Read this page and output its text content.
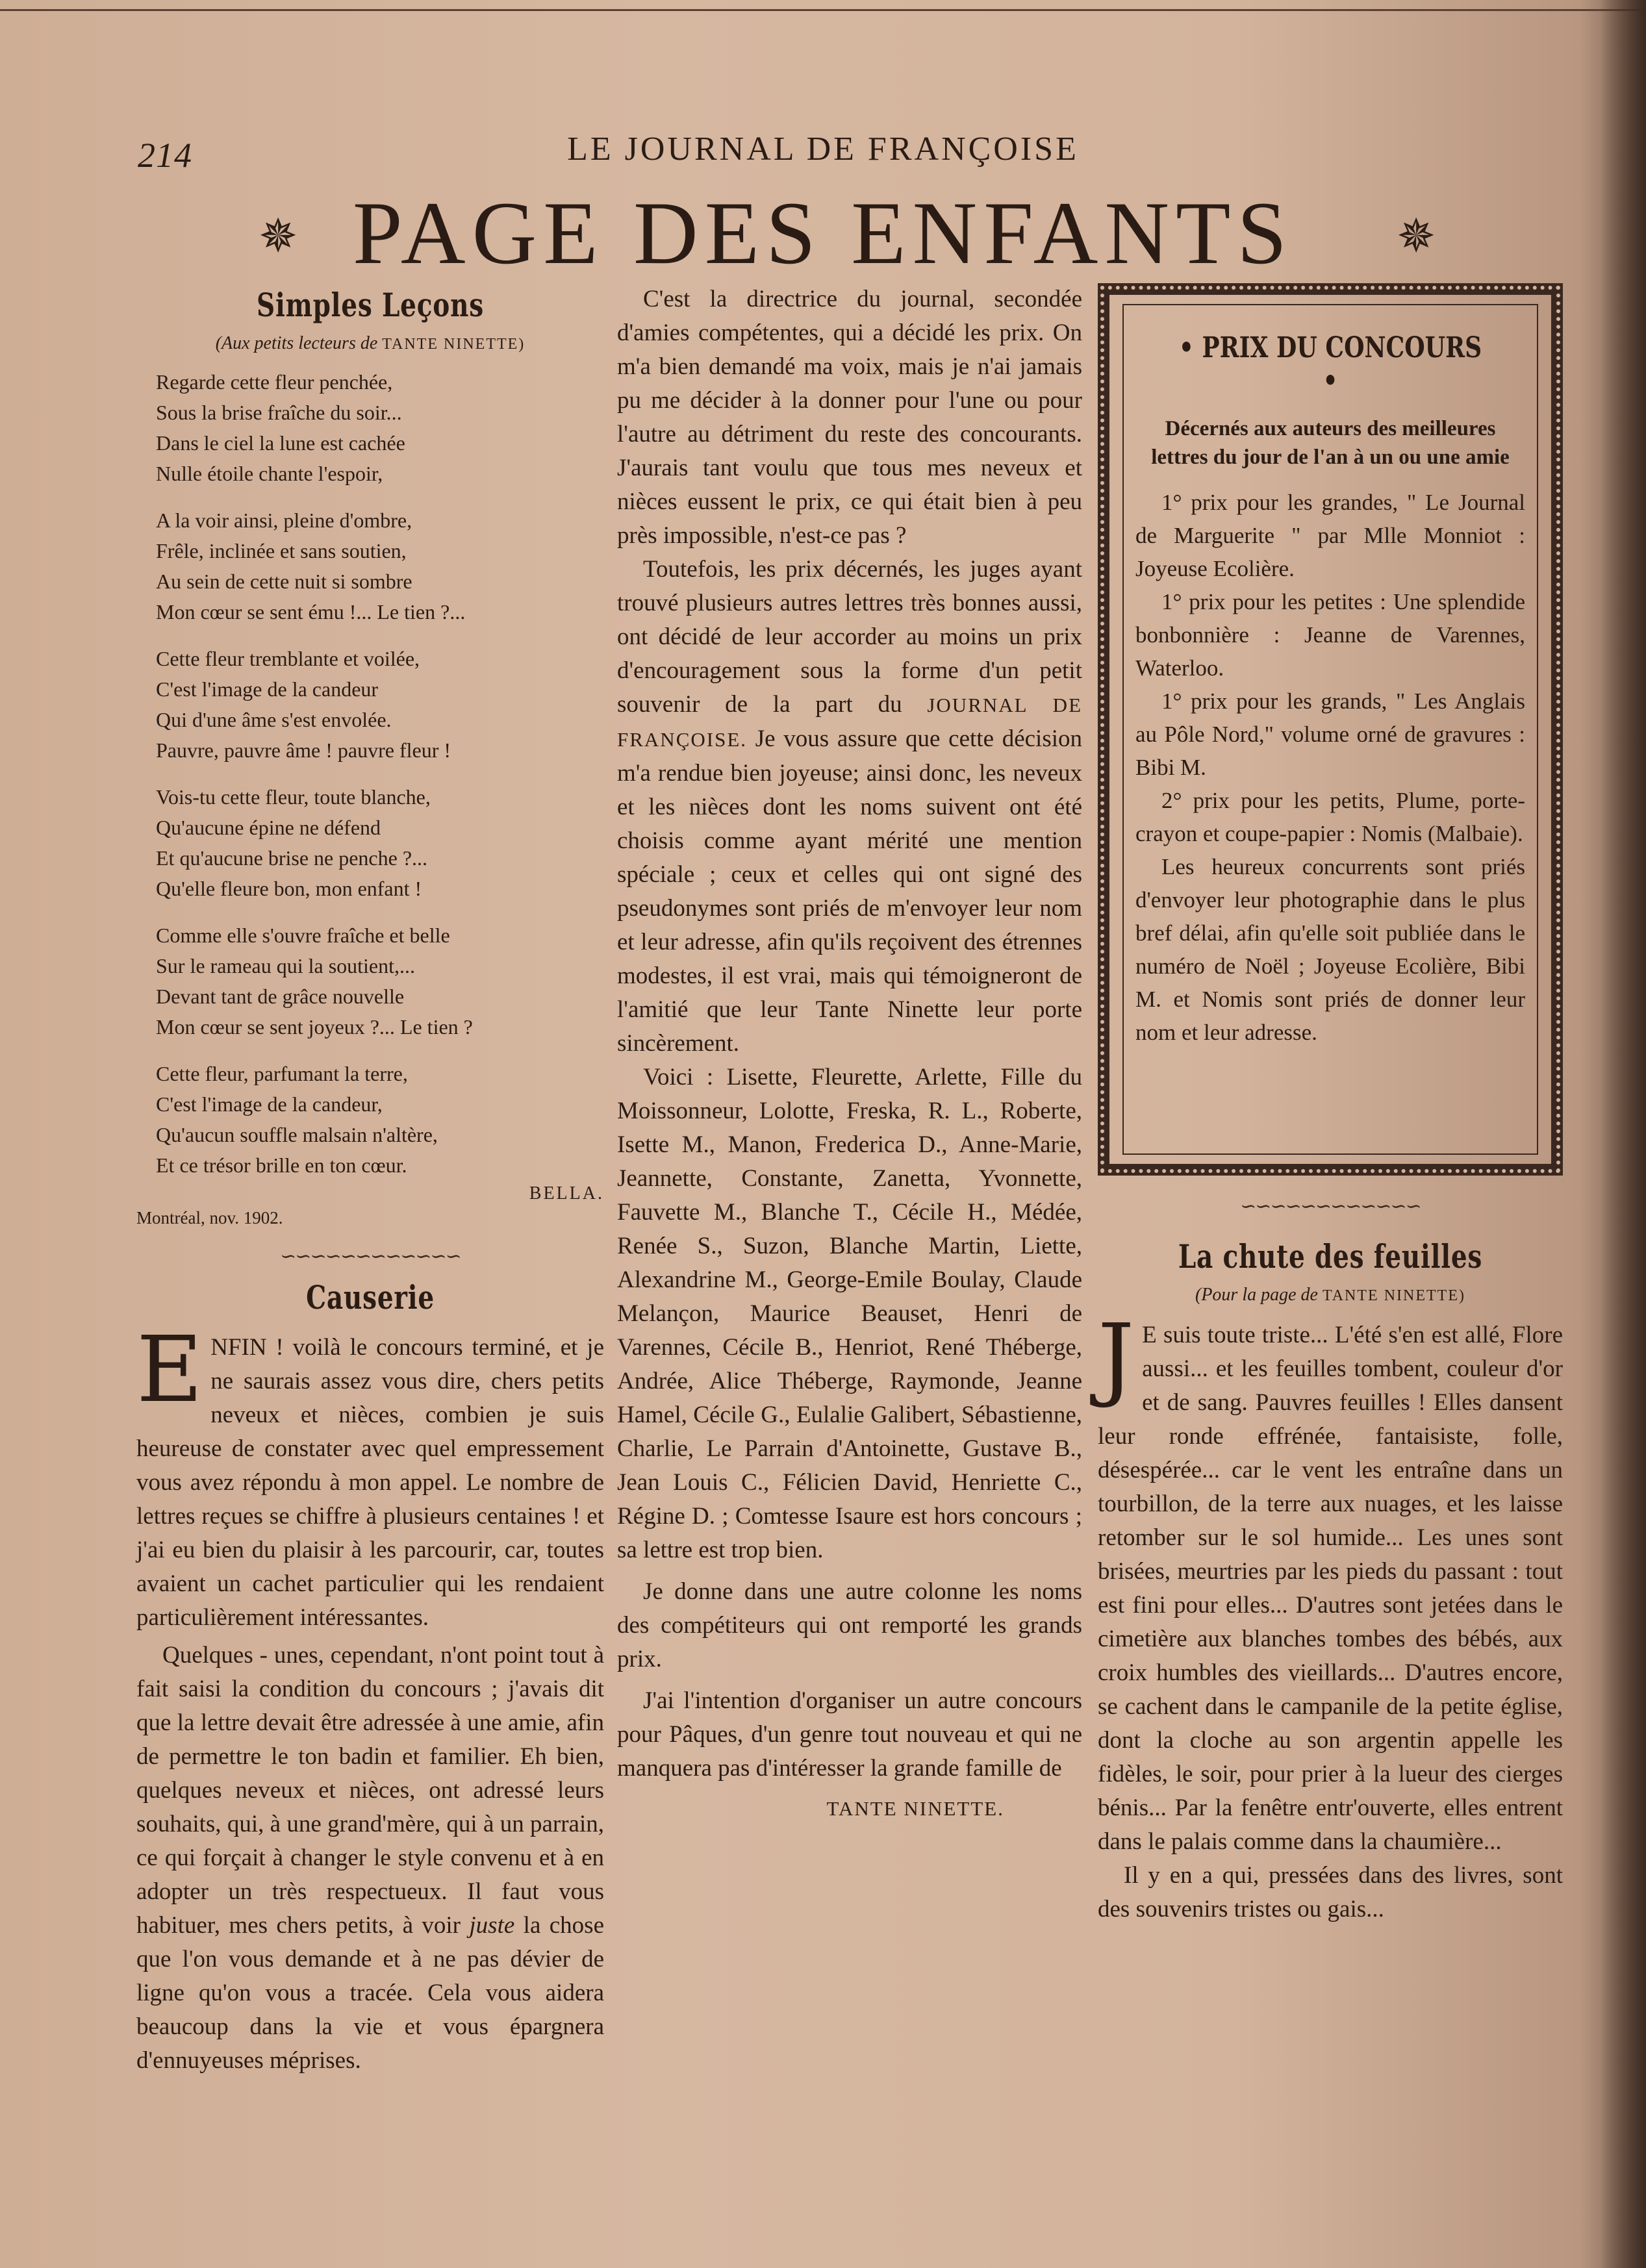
214	LE JOURNAL DE FRANÇOISE
✵ PAGE DES ENFANTS	✵
Simples Leçons
(Aux petits lecteurs de TANTE NINETTE)
Regarde cette fleur penchée,
Sous la brise fraîche du soir...
Dans le ciel la lune est cachée
Nulle étoile chante l'espoir,
A la voir ainsi, pleine d'ombre,
Frêle, inclinée et sans soutien,
Au sein de cette nuit si sombre
Mon cœur se sent ému !... Le tien ?...
Cette fleur tremblante et voilée,
C'est l'image de la candeur
Qui d'une âme s'est envolée.
Pauvre, pauvre âme ! pauvre fleur !
Vois-tu cette fleur, toute blanche,
Qu'aucune épine ne défend
Et qu'aucune brise ne penche ?...
Qu'elle fleure bon, mon enfant !
Comme elle s'ouvre fraîche et belle
Sur le rameau qui la soutient,...
Devant tant de grâce nouvelle
Mon cœur se sent joyeux ?... Le tien ?
Cette fleur, parfumant la terre,
C'est l'image de la candeur,
Qu'aucun souffle malsain n'altère,
Et ce trésor brille en ton cœur.
BELLA.
Montréal, nov. 1902.
∽∽∽∽∽∽∽∽∽∽∽∽
Causerie

ENFIN ! voilà le concours terminé, et je ne saurais assez vous dire, chers petits neveux et nièces, combien je suis heureuse de constater avec quel empressement vous avez répondu à mon appel. Le nombre de lettres reçues se chiffre à plusieurs centaines ! et j'ai eu bien du plaisir à les parcourir, car, toutes avaient un cachet particulier qui les rendaient particulièrement intéressantes.

Quelques - unes, cependant, n'ont point tout à fait saisi la condition du concours ; j'avais dit que la lettre devait être adressée à une amie, afin de permettre le ton badin et familier. Eh bien, quelques neveux et nièces, ont adressé leurs souhaits, qui, à une grand'mère, qui à un parrain, ce qui forçait à changer le style convenu et à en adopter un très respectueux. Il faut vous habituer, mes chers petits, à voir juste la chose que l'on vous demande et à ne pas dévier de ligne qu'on vous a tracée. Cela vous aidera beaucoup dans la vie et vous épargnera d'ennuyeuses méprises.

C'est la directrice du journal, secondée d'amies compétentes, qui a décidé les prix. On m'a bien demandé ma voix, mais je n'ai jamais pu me décider à la donner pour l'une ou pour l'autre au détriment du reste des concourants. J'aurais tant voulu que tous mes neveux et nièces eussent le prix, ce qui était bien à peu près impossible, n'est-ce pas ?

Toutefois, les prix décernés, les juges ayant trouvé plusieurs autres lettres très bonnes aussi, ont décidé de leur accorder au moins un prix d'encouragement sous la forme d'un petit souvenir de la part du JOURNAL DE FRANÇOISE. Je vous assure que cette décision m'a rendue bien joyeuse; ainsi donc, les neveux et les nièces dont les noms suivent ont été choisis comme ayant mérité une mention spéciale ; ceux et celles qui ont signé des pseudonymes sont priés de m'envoyer leur nom et leur adresse, afin qu'ils reçoivent des étrennes modestes, il est vrai, mais qui témoigneront de l'amitié que leur Tante Ninette leur porte sincèrement.

Voici : Lisette, Fleurette, Arlette, Fille du Moissonneur, Lolotte, Freska, R. L., Roberte, Isette M., Manon, Frederica D., Anne-Marie, Jeannette, Constante, Zanetta, Yvonnette, Fauvette M., Blanche T., Cécile H., Médée, Renée S., Suzon, Blanche Martin, Liette, Alexandrine M., George-Emile Boulay, Claude Melançon, Maurice Beauset, Henri de Varennes, Cécile B., Henriot, René Théberge, Andrée, Alice Théberge, Raymonde, Jeanne Hamel, Cécile G., Eulalie Galibert, Sébastienne, Charlie, Le Parrain d'Antoinette, Gustave B., Jean Louis C., Félicien David, Henriette C., Régine D. ; Comtesse Isaure est hors concours ; sa lettre est trop bien.

Je donne dans une autre colonne les noms des compétiteurs qui ont remporté les grands prix.

J'ai l'intention d'organiser un autre concours pour Pâques, d'un genre tout nouveau et qui ne manquera pas d'intéresser la grande famille de

TANTE NINETTE.
• PRIX DU CONCOURS •
Décernés aux auteurs des meilleures lettres du jour de l'an à un ou une amie

1° prix pour les grandes, " Le Journal de Marguerite " par Mlle Monniot : Joyeuse Ecolière.

1° prix pour les petites : Une splendide bonbonnière : Jeanne de Varennes, Waterloo.

1° prix pour les grands, " Les Anglais au Pôle Nord," volume orné de gravures : Bibi M.

2° prix pour les petits, Plume, porte-crayon et coupe-papier : Nomis (Malbaie).

Les heureux concurrents sont priés d'envoyer leur photographie dans le plus bref délai, afin qu'elle soit publiée dans le numéro de Noël ; Joyeuse Ecolière, Bibi M. et Nomis sont priés de donner leur nom et leur adresse.

∽∽∽∽∽∽∽∽∽∽∽∽
La chute des feuilles
(Pour la page de TANTE NINETTE)

J E suis toute triste... L'été s'en est allé, Flore aussi... et les feuilles tombent, couleur d'or et de sang. Pauvres feuilles ! Elles dansent leur ronde effrénée, fantaisiste, folle, désespérée... car le vent les entraîne dans un tourbillon, de la terre aux nuages, et les laisse retomber sur le sol humide... Les unes sont brisées, meurtries par les pieds du passant : tout est fini pour elles... D'autres sont jetées dans le cimetière aux blanches tombes des bébés, aux croix humbles des vieillards... D'autres encore, se cachent dans le campanile de la petite église, dont la cloche au son argentin appelle les fidèles, le soir, pour prier à la lueur des cierges bénis... Par la fenêtre entr'ouverte, elles entrent dans le palais comme dans la chaumière...

Il y en a qui, pressées dans des livres, sont des souvenirs tristes ou gais...
